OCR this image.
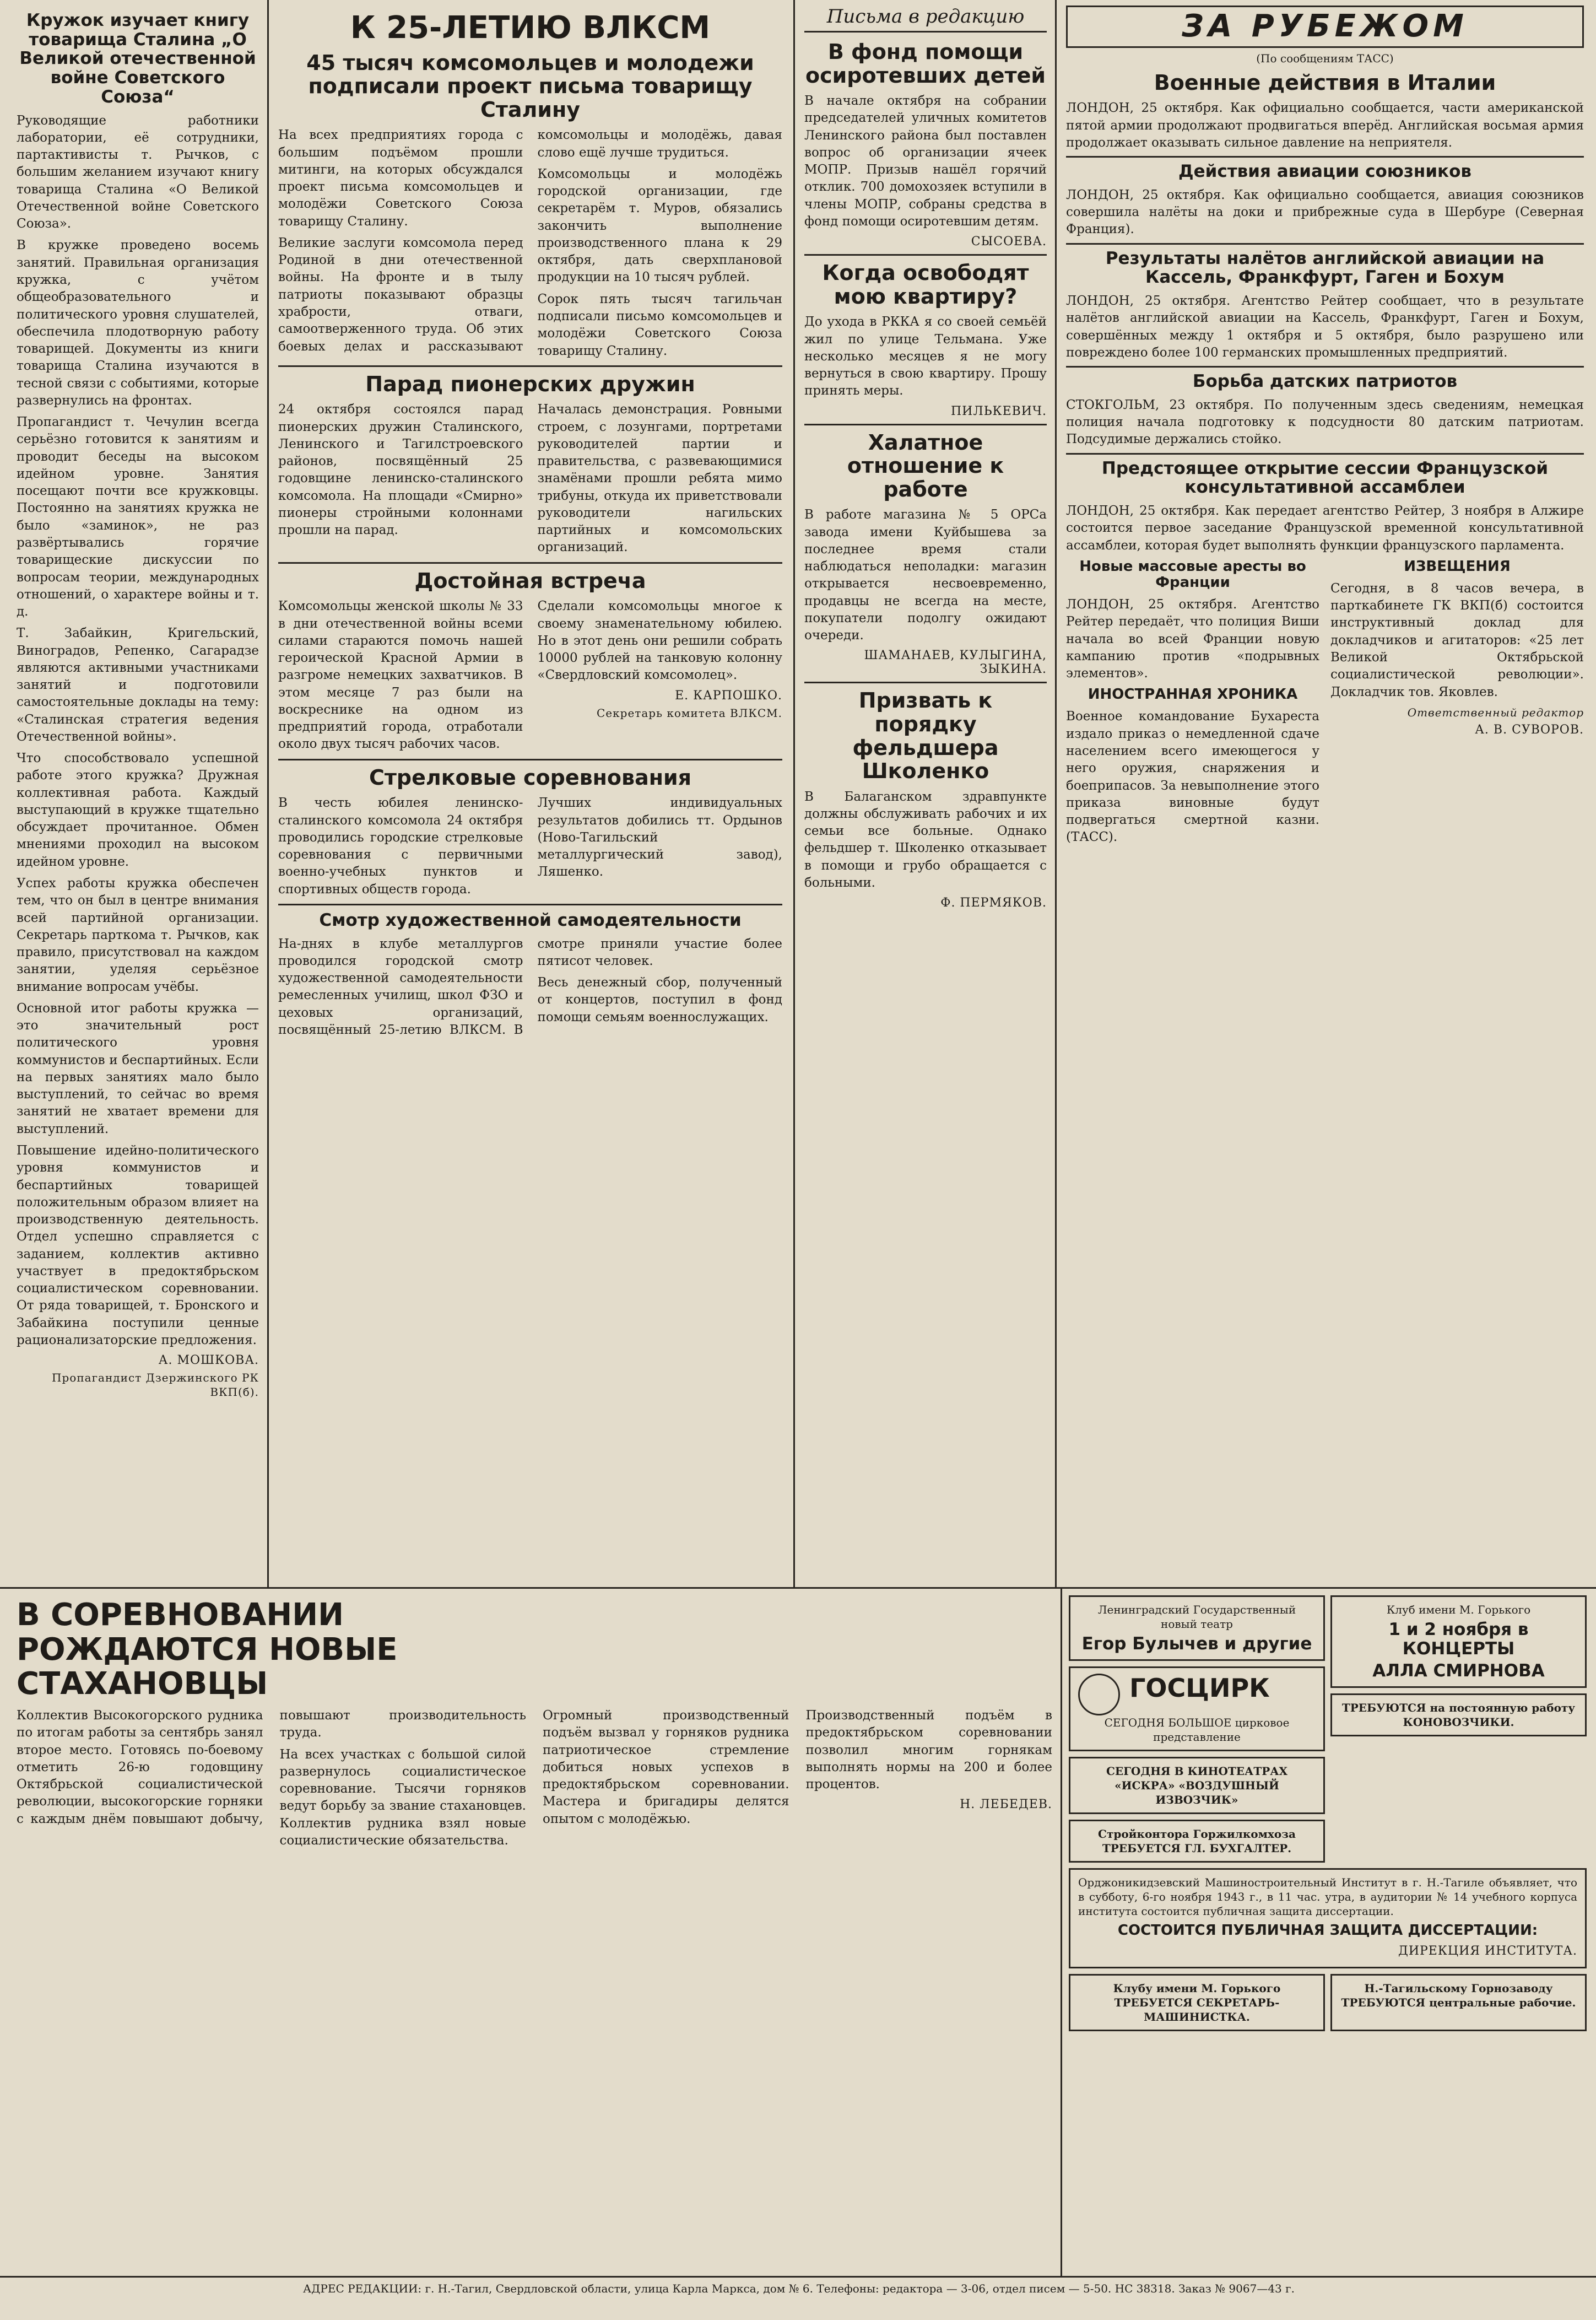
Кружок изучает книгу товарища Сталина „О Великой отечественной войне Советского Союза“

Руководящие работники лаборатории, её сотрудники, партактивисты т. Рычков, с большим желанием изучают книгу товарища Сталина «О Великой Отечественной войне Советского Союза».

В кружке проведено восемь занятий. Правильная организация кружка, с учётом общеобразовательного и политического уровня слушателей, обеспечила плодотворную работу товарищей. Документы из книги товарища Сталина изучаются в тесной связи с событиями, которые развернулись на фронтах.

Пропагандист т. Чечулин всегда серьёзно готовится к занятиям и проводит беседы на высоком идейном уровне. Занятия посещают почти все кружковцы. Постоянно на занятиях кружка не было «заминок», не раз развёртывались горячие товарищеские дискуссии по вопросам теории, международных отношений, о характере войны и т. д.

Т. Забайкин, Кригельский, Виноградов, Репенко, Сагарадзе являются активными участниками занятий и подготовили самостоятельные доклады на тему: «Сталинская стратегия ведения Отечественной войны».

Что способствовало успешной работе этого кружка? Дружная коллективная работа. Каждый выступающий в кружке тщательно обсуждает прочитанное. Обмен мнениями проходил на высоком идейном уровне.

Успех работы кружка обеспечен тем, что он был в центре внимания всей партийной организации. Секретарь парткома т. Рычков, как правило, присутствовал на каждом занятии, уделяя серьёзное внимание вопросам учёбы.

Основной итог работы кружка — это значительный рост политического уровня коммунистов и беспартийных. Если на первых занятиях мало было выступлений, то сейчас во время занятий не хватает времени для выступлений.

Повышение идейно-политического уровня коммунистов и беспартийных товарищей положительным образом влияет на производственную деятельность. Отдел успешно справляется с заданием, коллектив активно участвует в предоктябрьском социалистическом соревновании. От ряда товарищей, т. Бронского и Забайкина поступили ценные рационализаторские предложения.

А. МОШКОВА.

Пропагандист Дзержинского РК ВКП(б).

К 25-ЛЕТИЮ ВЛКСМ
45 тысяч комсомольцев и молодежи подписали проект письма товарищу Сталину

На всех предприятиях города с большим подъёмом прошли митинги, на которых обсуждался проект письма комсомольцев и молодёжи Советского Союза товарищу Сталину.

Великие заслуги комсомола перед Родиной в дни отечественной войны. На фронте и в тылу патриоты показывают образцы храбрости, отваги, самоотверженного труда. Об этих боевых делах и рассказывают комсомольцы и молодёжь, давая слово ещё лучше трудиться.

Комсомольцы и молодёжь городской организации, где секретарём т. Муров, обязались закончить выполнение производственного плана к 29 октября, дать сверхплановой продукции на 10 тысяч рублей.

Сорок пять тысяч тагильчан подписали письмо комсомольцев и молодёжи Советского Союза товарищу Сталину.

Парад пионерских дружин

24 октября состоялся парад пионерских дружин Сталинского, Ленинского и Тагилстроевского районов, посвящённый 25 годовщине ленинско-сталинского комсомола. На площади «Смирно» пионеры стройными колоннами прошли на парад.

Началась демонстрация. Ровными строем, с лозунгами, портретами руководителей партии и правительства, с развевающимися знамёнами прошли ребята мимо трибуны, откуда их приветствовали руководители нагильских партийных и комсомольских организаций.

Достойная встреча

Комсомольцы женской школы № 33 в дни отечественной войны всеми силами стараются помочь нашей героической Красной Армии в разгроме немецких захватчиков. В этом месяце 7 раз были на воскреснике на одном из предприятий города, отработали около двух тысяч рабочих часов.

Сделали комсомольцы многое к своему знаменательному юбилею. Но в этот день они решили собрать 10000 рублей на танковую колонну «Свердловский комсомолец».

Е. КАРПОШКО.

Секретарь комитета ВЛКСМ.

Стрелковые соревнования

В честь юбилея ленинско-сталинского комсомола 24 октября проводились городские стрелковые соревнования с первичными военно-учебных пунктов и спортивных обществ города.

Лучших индивидуальных результатов добились тт. Ордынов (Ново-Тагильский металлургический завод), Ляшенко.

Смотр художественной самодеятельности

На-днях в клубе металлургов проводился городской смотр художественной самодеятельности ремесленных училищ, школ ФЗО и цеховых организаций, посвящённый 25-летию ВЛКСМ. В смотре приняли участие более пятисот человек.

Весь денежный сбор, полученный от концертов, поступил в фонд помощи семьям военнослужащих.

Письма в редакцию
В фонд помощи осиротевших детей

В начале октября на собрании председателей уличных комитетов Ленинского района был поставлен вопрос об организации ячеек МОПР. Призыв нашёл горячий отклик. 700 домохозяек вступили в члены МОПР, собраны средства в фонд помощи осиротевшим детям.

СЫСОЕВА.

Когда освободят мою квартиру?

До ухода в РККА я со своей семьёй жил по улице Тельмана. Уже несколько месяцев я не могу вернуться в свою квартиру. Прошу принять меры.

ПИЛЬКЕВИЧ.

Халатное отношение к работе

В работе магазина № 5 ОРСа завода имени Куйбышева за последнее время стали наблюдаться неполадки: магазин открывается несвоевременно, продавцы не всегда на месте, покупатели подолгу ожидают очереди.

ШАМАНАЕВ, КУЛЫГИНА, ЗЫКИНА.

Призвать к порядку фельдшера Школенко

В Балаганском здравпункте должны обслуживать рабочих и их семьи все больные. Однако фельдшер т. Школенко отказывает в помощи и грубо обращается с больными.

Ф. ПЕРМЯКОВ.

ЗА РУБЕЖОМ
(По сообщениям ТАСС)
Военные действия в Италии

ЛОНДОН, 25 октября. Как официально сообщается, части американской пятой армии продолжают продвигаться вперёд. Английская восьмая армия продолжает оказывать сильное давление на неприятеля.

Действия авиации союзников

ЛОНДОН, 25 октября. Как официально сообщается, авиация союзников совершила налёты на доки и прибрежные суда в Шербуре (Северная Франция).

Результаты налётов английской авиации на Кассель, Франкфурт, Гаген и Бохум

ЛОНДОН, 25 октября. Агентство Рейтер сообщает, что в результате налётов английской авиации на Кассель, Франкфурт, Гаген и Бохум, совершённых между 1 октября и 5 октября, было разрушено или повреждено более 100 германских промышленных предприятий.

Борьба датских патриотов

СТОКГОЛЬМ, 23 октября. По полученным здесь сведениям, немецкая полиция начала подготовку к подсудности 80 датским патриотам. Подсудимые держались стойко.

Предстоящее открытие сессии Французской консультативной ассамблеи

ЛОНДОН, 25 октября. Как передает агентство Рейтер, 3 ноября в Алжире состоится первое заседание Французской временной консультативной ассамблеи, которая будет выполнять функции французского парламента.

Новые массовые аресты во Франции

ЛОНДОН, 25 октября. Агентство Рейтер передаёт, что полиция Виши начала во всей Франции новую кампанию против «подрывных элементов».

ИНОСТРАННАЯ ХРОНИКА

Военное командование Бухареста издало приказ о немедленной сдаче населением всего имеющегося у него оружия, снаряжения и боеприпасов. За невыполнение этого приказа виновные будут подвергаться смертной казни. (ТАСС).

ИЗВЕЩЕНИЯ

Сегодня, в 8 часов вечера, в парткабинете ГК ВКП(б) состоится инструктивный доклад для докладчиков и агитаторов: «25 лет Великой Октябрьской социалистической революции». Докладчик тов. Яковлев.

Ответственный редактор

А. В. СУВОРОВ.

В СОРЕВНОВАНИИ РОЖДАЮТСЯ НОВЫЕ СТАХАНОВЦЫ

Коллектив Высокогорского рудника по итогам работы за сентябрь занял второе место. Готовясь по-боевому отметить 26-ю годовщину Октябрьской социалистической революции, высокогорские горняки с каждым днём повышают добычу, повышают производительность труда.

На всех участках с большой силой развернулось социалистическое соревнование. Тысячи горняков ведут борьбу за звание стахановцев. Коллектив рудника взял новые социалистические обязательства.

Огромный производственный подъём вызвал у горняков рудника патриотическое стремление добиться новых успехов в предоктябрьском соревновании. Мастера и бригадиры делятся опытом с молодёжью.

Производственный подъём в предоктябрьском соревновании позволил многим горнякам выполнять нормы на 200 и более процентов.

Н. ЛЕБЕДЕВ.

Ленинградский Государственный новый театр
Егор Булычев и другие
ГОСЦИРК
СЕГОДНЯ БОЛЬШОЕ цирковое представление
СЕГОДНЯ В КИНОТЕАТРАХ «ИСКРА» «ВОЗДУШНЫЙ ИЗВОЗЧИК»
Стройконтора Горжилкомхоза ТРЕБУЕТСЯ ГЛ. БУХГАЛТЕР.
Клуб имени М. Горького
1 и 2 ноября в КОНЦЕРТЫ
АЛЛА СМИРНОВА
ТРЕБУЮТСЯ на постоянную работу КОНОВОЗЧИКИ.

Орджоникидзевский Машиностроительный Институт в г. Н.-Тагиле объявляет, что в субботу, 6-го ноября 1943 г., в 11 час. утра, в аудитории № 14 учебного корпуса института состоится публичная защита диссертации.

СОСТОИТСЯ ПУБЛИЧНАЯ ЗАЩИТА ДИССЕРТАЦИИ:

ДИРЕКЦИЯ ИНСТИТУТА.

Клубу имени М. Горького ТРЕБУЕТСЯ СЕКРЕТАРЬ-МАШИНИСТКА.
Н.-Тагильскому Горнозаводу ТРЕБУЮТСЯ центральные рабочие.
АДРЕС РЕДАКЦИИ: г. Н.-Тагил, Свердловской области, улица Карла Маркса, дом № 6. Телефоны: редактора — 3-06, отдел писем — 5-50. НС 38318. Заказ № 9067—43 г.
